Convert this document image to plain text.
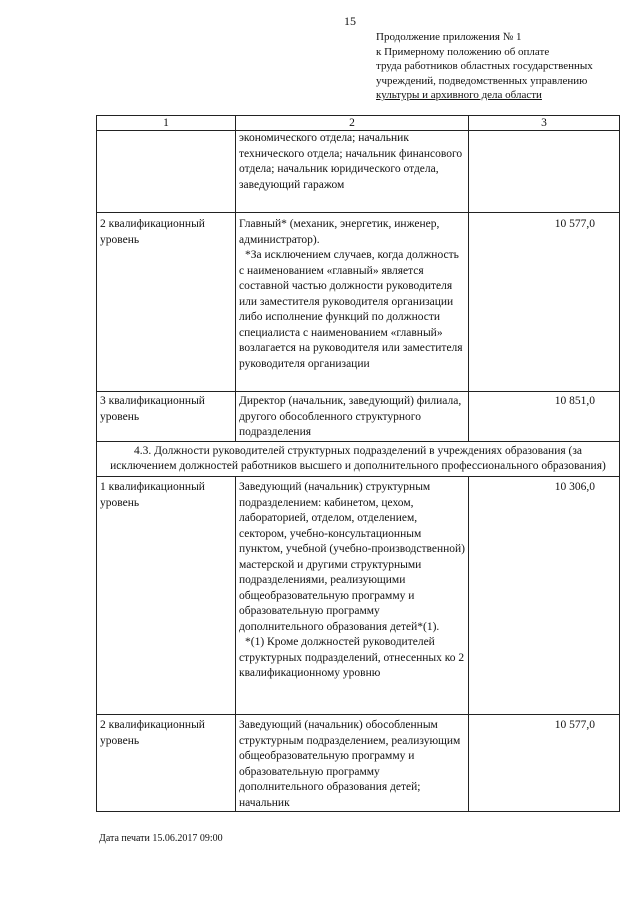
15
Продолжение приложения № 1
к Примерному положению об оплате
труда работников областных государственных
учреждений, подведомственных управлению
культуры и архивного дела области
1	2	3
	экономического отдела; начальник технического отдела; начальник финансового отдела; начальник юридического отдела, заведующий гаражом	
2 квалификационный уровень	Главный* (механик, энергетик, инженер, администратор).
*За исключением случаев, когда должность с наименованием «главный» является составной частью должности руководителя или заместителя руководителя организации либо исполнение функций по должности специалиста с наименованием «главный» возлагается на руководителя или заместителя руководителя организации	10 577,0
3 квалификационный уровень	Директор (начальник, заведующий) филиала, другого обособленного структурного подразделения	10 851,0
4.3. Должности руководителей структурных подразделений в учреждениях образования (за исключением должностей работников высшего и дополнительного профессионального образования)		
1 квалификационный уровень	Заведующий (начальник) структурным подразделением: кабинетом, цехом, лабораторией, отделом, отделением, сектором, учебно-консультационным пунктом, учебной (учебно-производственной) мастерской и другими структурными подразделениями, реализующими общеобразовательную программу и образовательную программу дополнительного образования детей*(1).
*(1) Кроме должностей руководителей структурных подразделений, отнесенных ко 2 квалификационному уровню	10 306,0
2 квалификационный уровень	Заведующий (начальник) обособленным структурным подразделением, реализующим общеобразовательную программу и образовательную программу дополнительного образования детей; начальник	10 577,0
Дата печати 15.06.2017 09:00
